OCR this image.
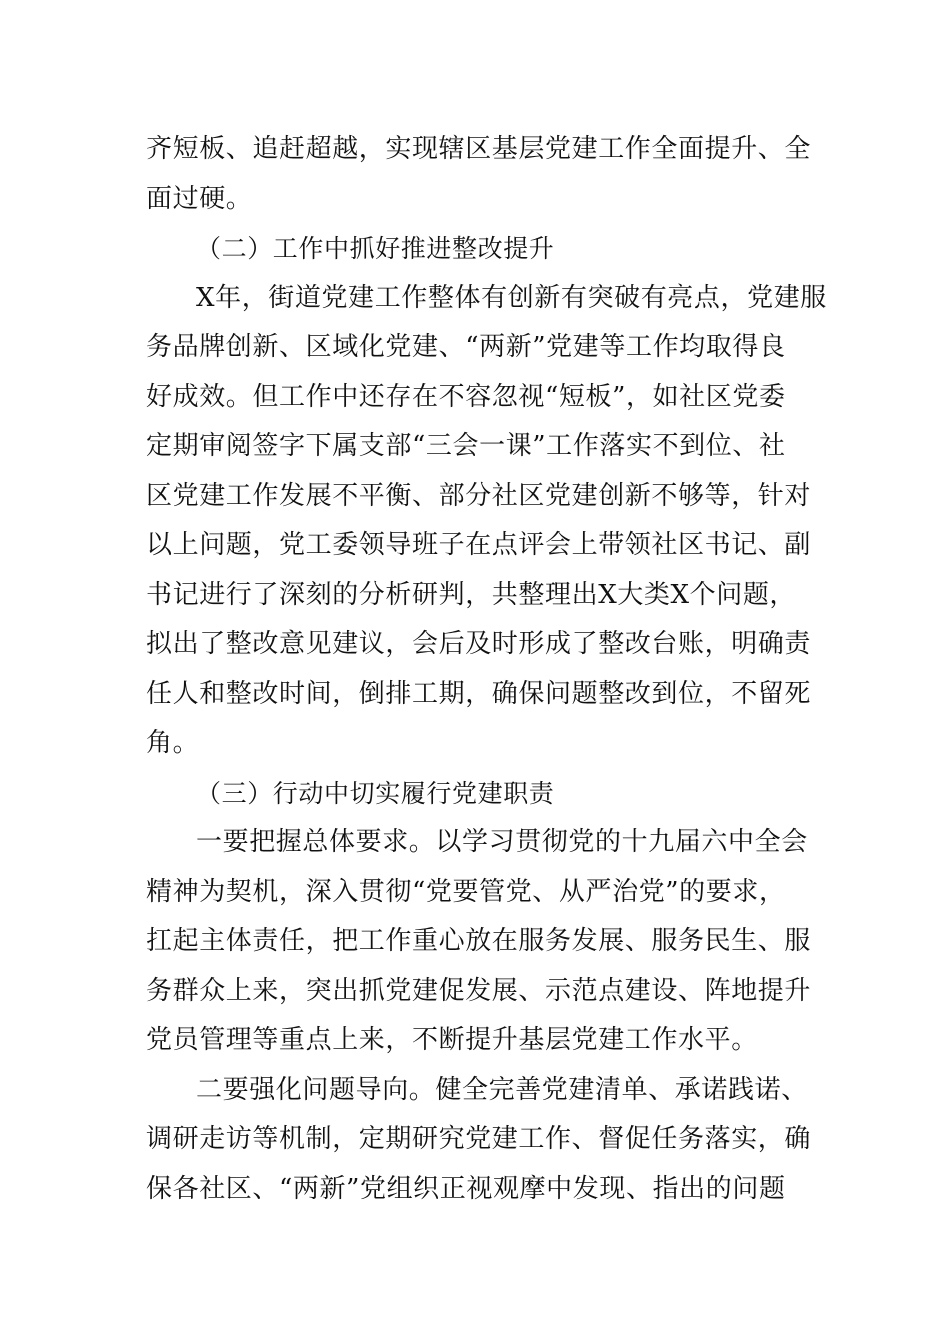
齐短板、追赶超越，实现辖区基层党建工作全面提升、全
面过硬。
（二）工作中抓好推进整改提升
X年，街道党建工作整体有创新有突破有亮点，党建服
务品牌创新、区域化党建、“两新”党建等工作均取得良
好成效。但工作中还存在不容忽视“短板”，如社区党委
定期审阅签字下属支部“三会一课”工作落实不到位、社
区党建工作发展不平衡、部分社区党建创新不够等，针对
以上问题，党工委领导班子在点评会上带领社区书记、副
书记进行了深刻的分析研判，共整理出X大类X个问题，
拟出了整改意见建议，会后及时形成了整改台账，明确责
任人和整改时间，倒排工期，确保问题整改到位，不留死
角。
（三）行动中切实履行党建职责
一要把握总体要求。以学习贯彻党的十九届六中全会
精神为契机，深入贯彻“党要管党、从严治党”的要求，
扛起主体责任，把工作重心放在服务发展、服务民生、服
务群众上来，突出抓党建促发展、示范点建设、阵地提升
党员管理等重点上来，不断提升基层党建工作水平。
二要强化问题导向。健全完善党建清单、承诺践诺、
调研走访等机制，定期研究党建工作、督促任务落实，确
保各社区、“两新”党组织正视观摩中发现、指出的问题
